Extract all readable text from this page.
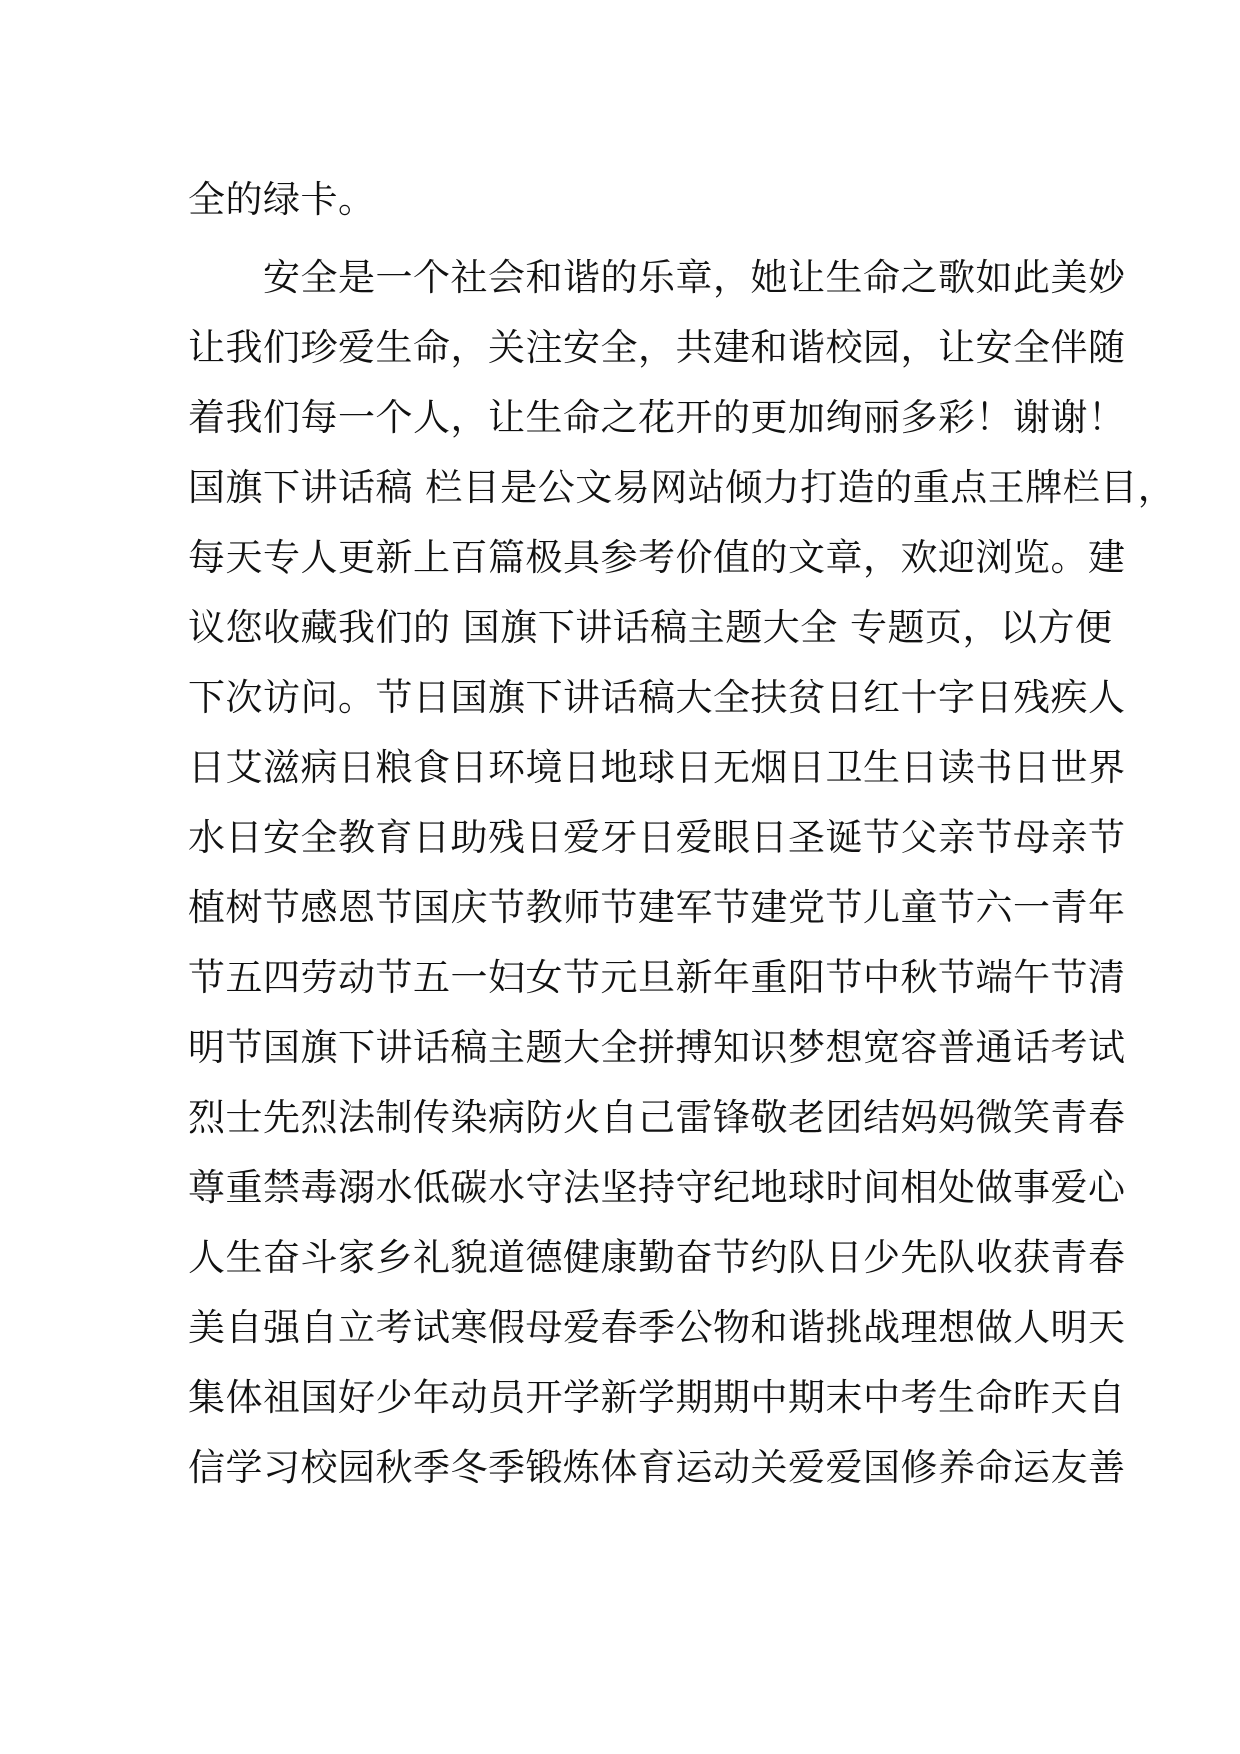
全的绿卡。
安全是一个社会和谐的乐章，她让生命之歌如此美妙
让我们珍爱生命，关注安全，共建和谐校园，让安全伴随
着我们每一个人，让生命之花开的更加绚丽多彩！谢谢！
国旗下讲话稿 栏目是公文易网站倾力打造的重点王牌栏目，
每天专人更新上百篇极具参考价值的文章，欢迎浏览。建
议您收藏我们的 国旗下讲话稿主题大全 专题页，以方便
下次访问。节日国旗下讲话稿大全扶贫日红十字日残疾人
日艾滋病日粮食日环境日地球日无烟日卫生日读书日世界
水日安全教育日助残日爱牙日爱眼日圣诞节父亲节母亲节
植树节感恩节国庆节教师节建军节建党节儿童节六一青年
节五四劳动节五一妇女节元旦新年重阳节中秋节端午节清
明节国旗下讲话稿主题大全拼搏知识梦想宽容普通话考试
烈士先烈法制传染病防火自己雷锋敬老团结妈妈微笑青春
尊重禁毒溺水低碳水守法坚持守纪地球时间相处做事爱心
人生奋斗家乡礼貌道德健康勤奋节约队日少先队收获青春
美自强自立考试寒假母爱春季公物和谐挑战理想做人明天
集体祖国好少年动员开学新学期期中期末中考生命昨天自
信学习校园秋季冬季锻炼体育运动关爱爱国修养命运友善
